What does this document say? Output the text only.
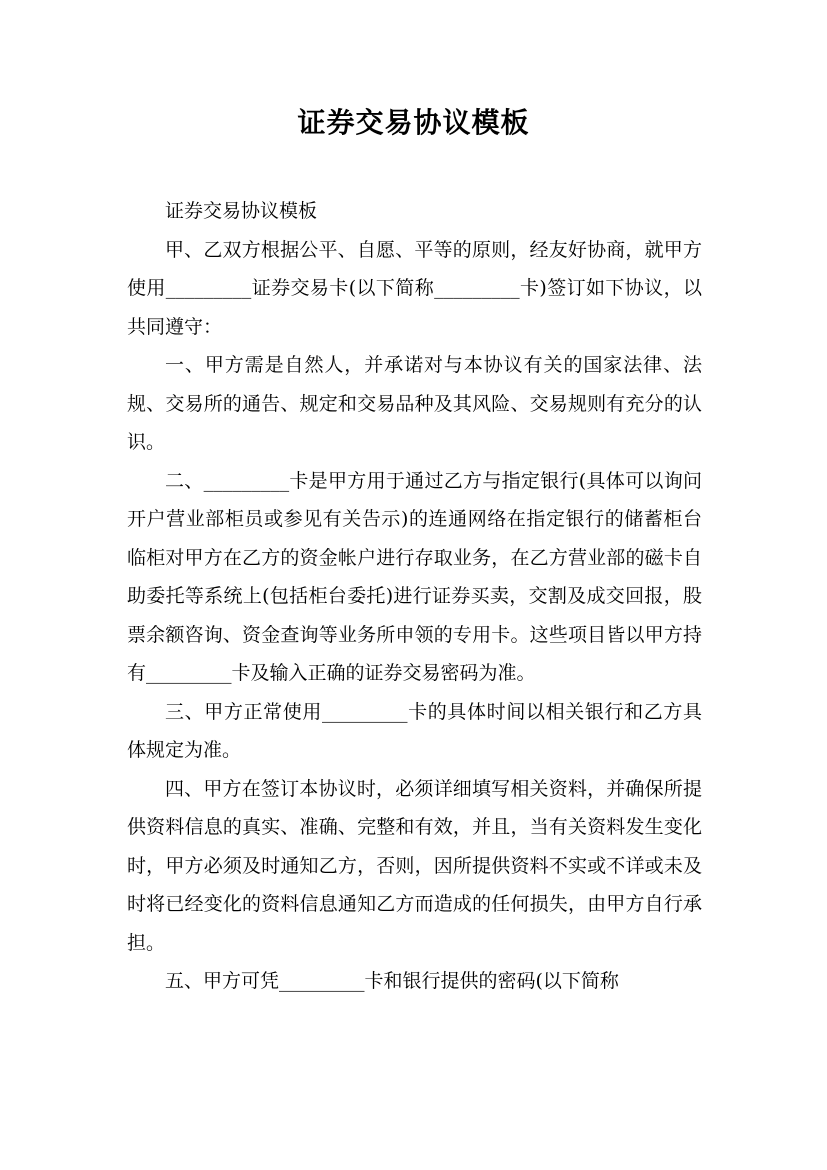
证券交易协议模板

证券交易协议模板

甲、乙双方根据公平、自愿、平等的原则，经友好协商，就甲方使用_________证券交易卡(以下简称_________卡)签订如下协议，以共同遵守：

一、甲方需是自然人，并承诺对与本协议有关的国家法律、法规、交易所的通告、规定和交易品种及其风险、交易规则有充分的认识。

二、_________卡是甲方用于通过乙方与指定银行(具体可以询问开户营业部柜员或参见有关告示)的连通网络在指定银行的储蓄柜台临柜对甲方在乙方的资金帐户进行存取业务，在乙方营业部的磁卡自助委托等系统上(包括柜台委托)进行证券买卖，交割及成交回报，股票余额咨询、资金查询等业务所申领的专用卡。这些项目皆以甲方持有_________卡及输入正确的证券交易密码为准。

三、甲方正常使用_________卡的具体时间以相关银行和乙方具体规定为准。

四、甲方在签订本协议时，必须详细填写相关资料，并确保所提供资料信息的真实、准确、完整和有效，并且，当有关资料发生变化时，甲方必须及时通知乙方，否则，因所提供资料不实或不详或未及时将已经变化的资料信息通知乙方而造成的任何损失，由甲方自行承担。

五、甲方可凭_________卡和银行提供的密码(以下简称
